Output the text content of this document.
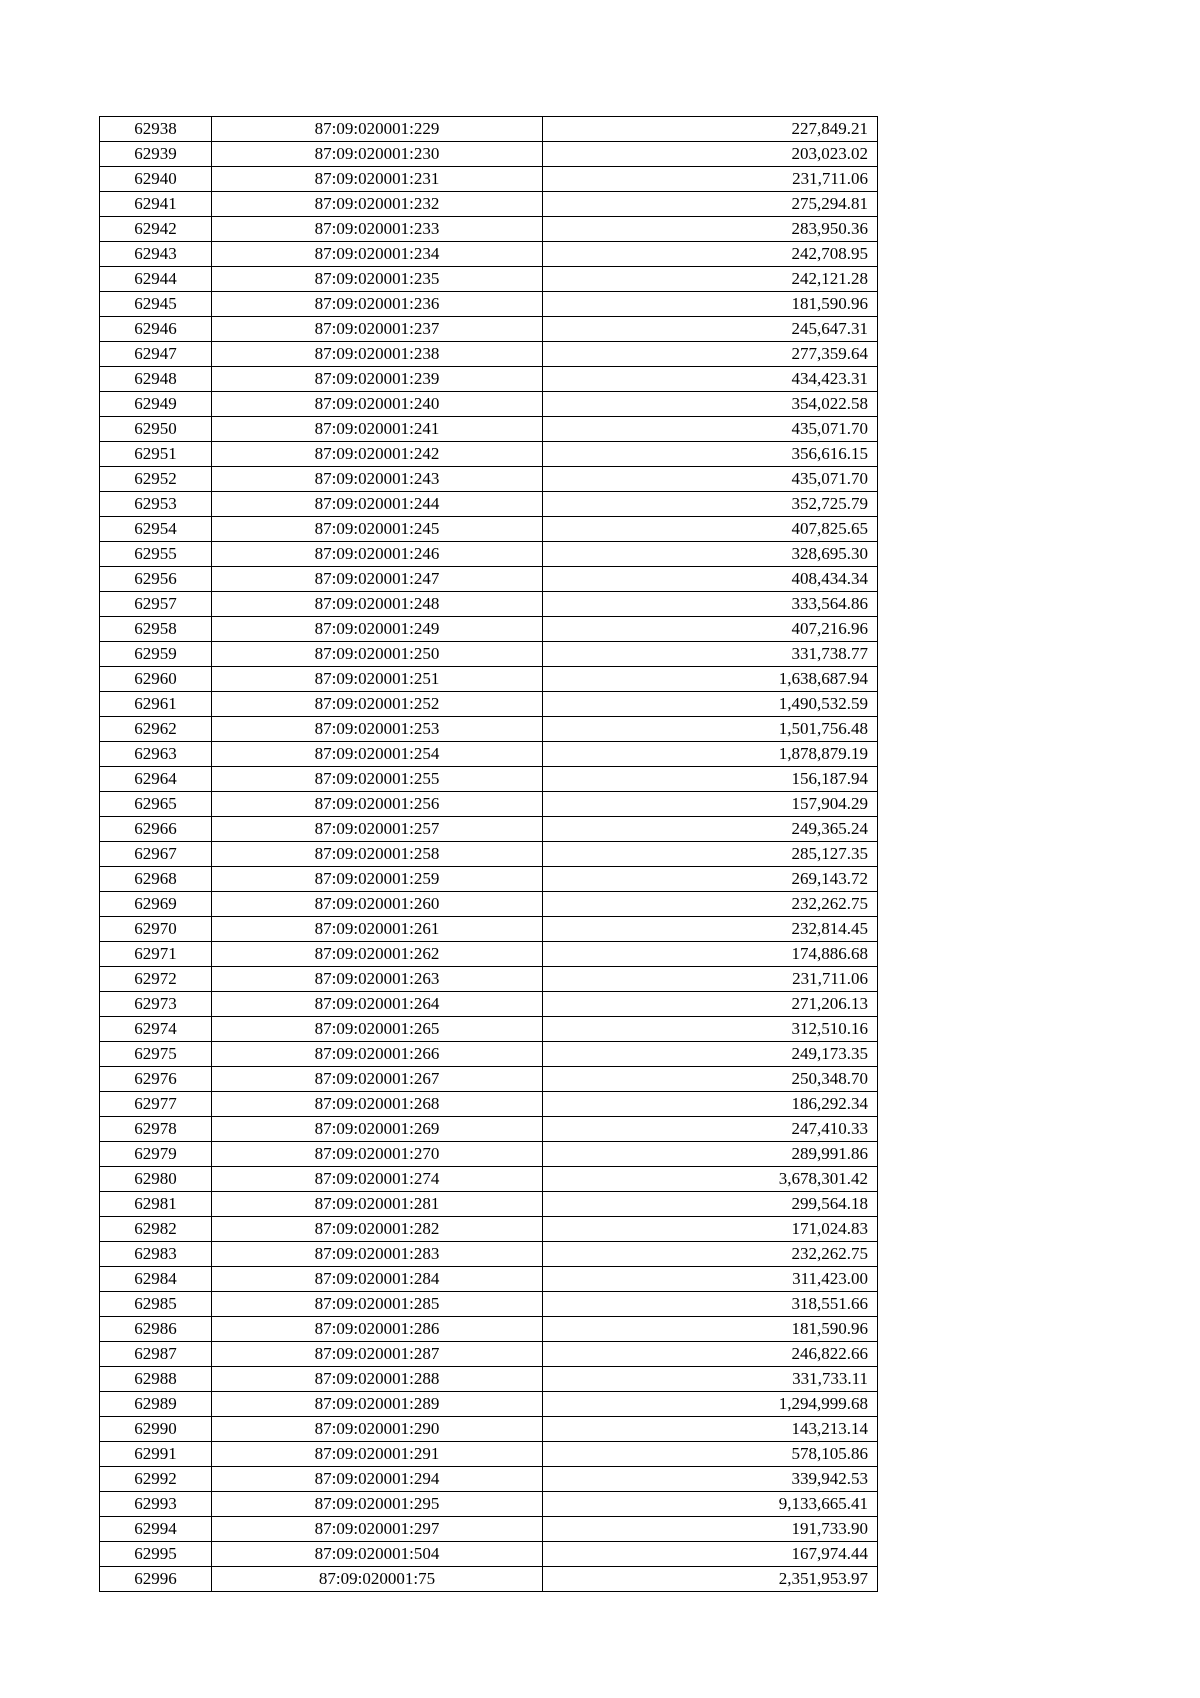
62938	87:09:020001:229	227,849.21
62939	87:09:020001:230	203,023.02
62940	87:09:020001:231	231,711.06
62941	87:09:020001:232	275,294.81
62942	87:09:020001:233	283,950.36
62943	87:09:020001:234	242,708.95
62944	87:09:020001:235	242,121.28
62945	87:09:020001:236	181,590.96
62946	87:09:020001:237	245,647.31
62947	87:09:020001:238	277,359.64
62948	87:09:020001:239	434,423.31
62949	87:09:020001:240	354,022.58
62950	87:09:020001:241	435,071.70
62951	87:09:020001:242	356,616.15
62952	87:09:020001:243	435,071.70
62953	87:09:020001:244	352,725.79
62954	87:09:020001:245	407,825.65
62955	87:09:020001:246	328,695.30
62956	87:09:020001:247	408,434.34
62957	87:09:020001:248	333,564.86
62958	87:09:020001:249	407,216.96
62959	87:09:020001:250	331,738.77
62960	87:09:020001:251	1,638,687.94
62961	87:09:020001:252	1,490,532.59
62962	87:09:020001:253	1,501,756.48
62963	87:09:020001:254	1,878,879.19
62964	87:09:020001:255	156,187.94
62965	87:09:020001:256	157,904.29
62966	87:09:020001:257	249,365.24
62967	87:09:020001:258	285,127.35
62968	87:09:020001:259	269,143.72
62969	87:09:020001:260	232,262.75
62970	87:09:020001:261	232,814.45
62971	87:09:020001:262	174,886.68
62972	87:09:020001:263	231,711.06
62973	87:09:020001:264	271,206.13
62974	87:09:020001:265	312,510.16
62975	87:09:020001:266	249,173.35
62976	87:09:020001:267	250,348.70
62977	87:09:020001:268	186,292.34
62978	87:09:020001:269	247,410.33
62979	87:09:020001:270	289,991.86
62980	87:09:020001:274	3,678,301.42
62981	87:09:020001:281	299,564.18
62982	87:09:020001:282	171,024.83
62983	87:09:020001:283	232,262.75
62984	87:09:020001:284	311,423.00
62985	87:09:020001:285	318,551.66
62986	87:09:020001:286	181,590.96
62987	87:09:020001:287	246,822.66
62988	87:09:020001:288	331,733.11
62989	87:09:020001:289	1,294,999.68
62990	87:09:020001:290	143,213.14
62991	87:09:020001:291	578,105.86
62992	87:09:020001:294	339,942.53
62993	87:09:020001:295	9,133,665.41
62994	87:09:020001:297	191,733.90
62995	87:09:020001:504	167,974.44
62996	87:09:020001:75	2,351,953.97
